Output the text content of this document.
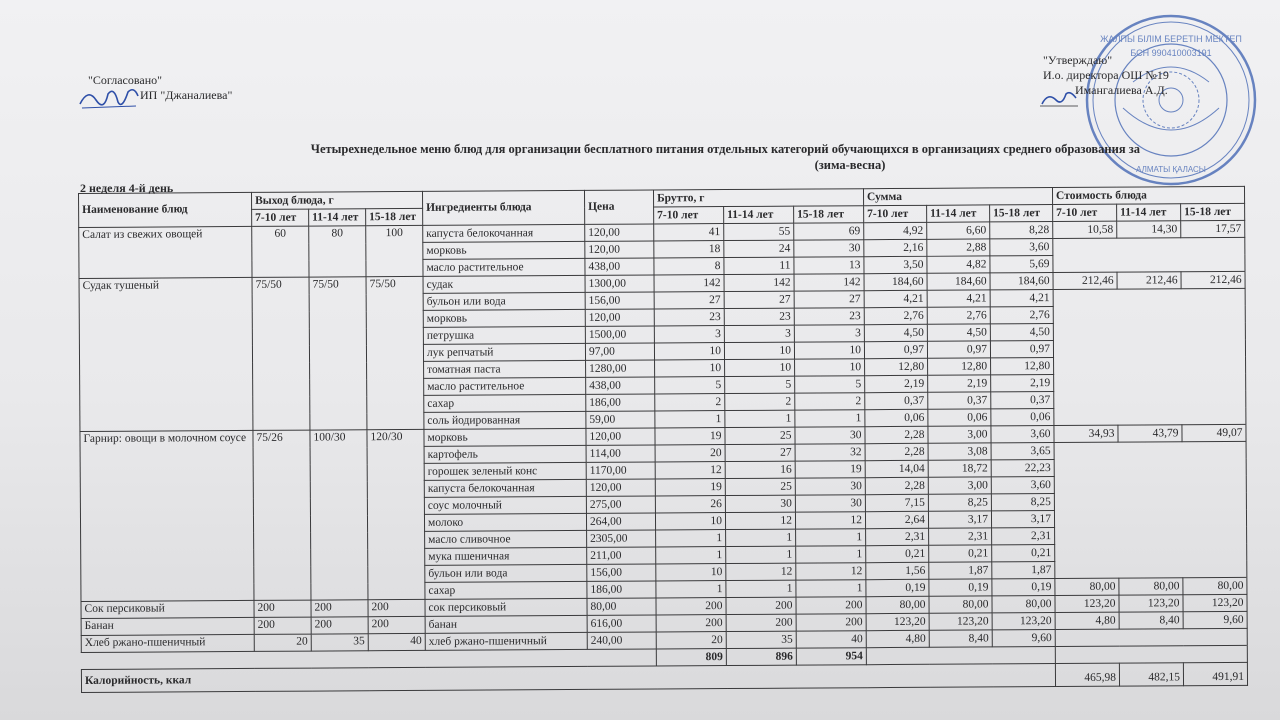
ЖАЛПЫ БІЛІМ БЕРЕТІН МЕКТЕП
БСН 990410003191
АЛМАТЫ ҚАЛАСЫ
"Согласовано"
ИП "Джаналиева"
"Утверждаю"
И.о. директора ОШ №19
Имангалиева А.Д.
Четырехнедельное меню блюд для организации бесплатного питания отдельных категорий обучающихся в организациях среднего образования за
(зима-весна)
2 неделя 4-й день
Наименование блюд	Выход блюда, г			Ингредиенты блюда	Цена	Брутто, г			Сумма			Стоимость блюда		
	7-10 лет	11-14 лет	15-18 лет			7-10 лет	11-14 лет	15-18 лет	7-10 лет	11-14 лет	15-18 лет	7-10 лет	11-14 лет	15-18 лет
Салат из свежих овощей	60	80	100	капуста белокочанная	120,00	41	55	69	4,92	6,60	8,28	10,58	14,30	17,57
				морковь	120,00	18	24	30	2,16	2,88	3,60			
				масло растительное	438,00	8	11	13	3,50	4,82	5,69			
Судак тушеный	75/50	75/50	75/50	судак	1300,00	142	142	142	184,60	184,60	184,60	212,46	212,46	212,46
				бульон или вода	156,00	27	27	27	4,21	4,21	4,21			
				морковь	120,00	23	23	23	2,76	2,76	2,76			
				петрушка	1500,00	3	3	3	4,50	4,50	4,50			
				лук репчатый	97,00	10	10	10	0,97	0,97	0,97			
				томатная паста	1280,00	10	10	10	12,80	12,80	12,80			
				масло растительное	438,00	5	5	5	2,19	2,19	2,19			
				сахар	186,00	2	2	2	0,37	0,37	0,37			
				соль йодированная	59,00	1	1	1	0,06	0,06	0,06			
Гарнир: овощи в молочном соусе	75/26	100/30	120/30	морковь	120,00	19	25	30	2,28	3,00	3,60	34,93	43,79	49,07
				картофель	114,00	20	27	32	2,28	3,08	3,65			
				горошек зеленый конс	1170,00	12	16	19	14,04	18,72	22,23			
				капуста белокочанная	120,00	19	25	30	2,28	3,00	3,60			
				соус молочный	275,00	26	30	30	7,15	8,25	8,25			
				молоко	264,00	10	12	12	2,64	3,17	3,17			
				масло сливочное	2305,00	1	1	1	2,31	2,31	2,31			
				мука пшеничная	211,00	1	1	1	0,21	0,21	0,21			
				бульон или вода	156,00	10	12	12	1,56	1,87	1,87			
				сахар	186,00	1	1	1	0,19	0,19	0,19	80,00	80,00	80,00
Сок персиковый	200	200	200	сок персиковый	80,00	200	200	200	80,00	80,00	80,00	123,20	123,20	123,20
Банан	200	200	200	банан	616,00	200	200	200	123,20	123,20	123,20	4,80	8,40	9,60
Хлеб ржано-пшеничный	20	35	40	хлеб ржано-пшеничный	240,00	20	35	40	4,80	8,40	9,60			
						809	896	954						
Калорийность, ккал												465,98	482,15	491,91
